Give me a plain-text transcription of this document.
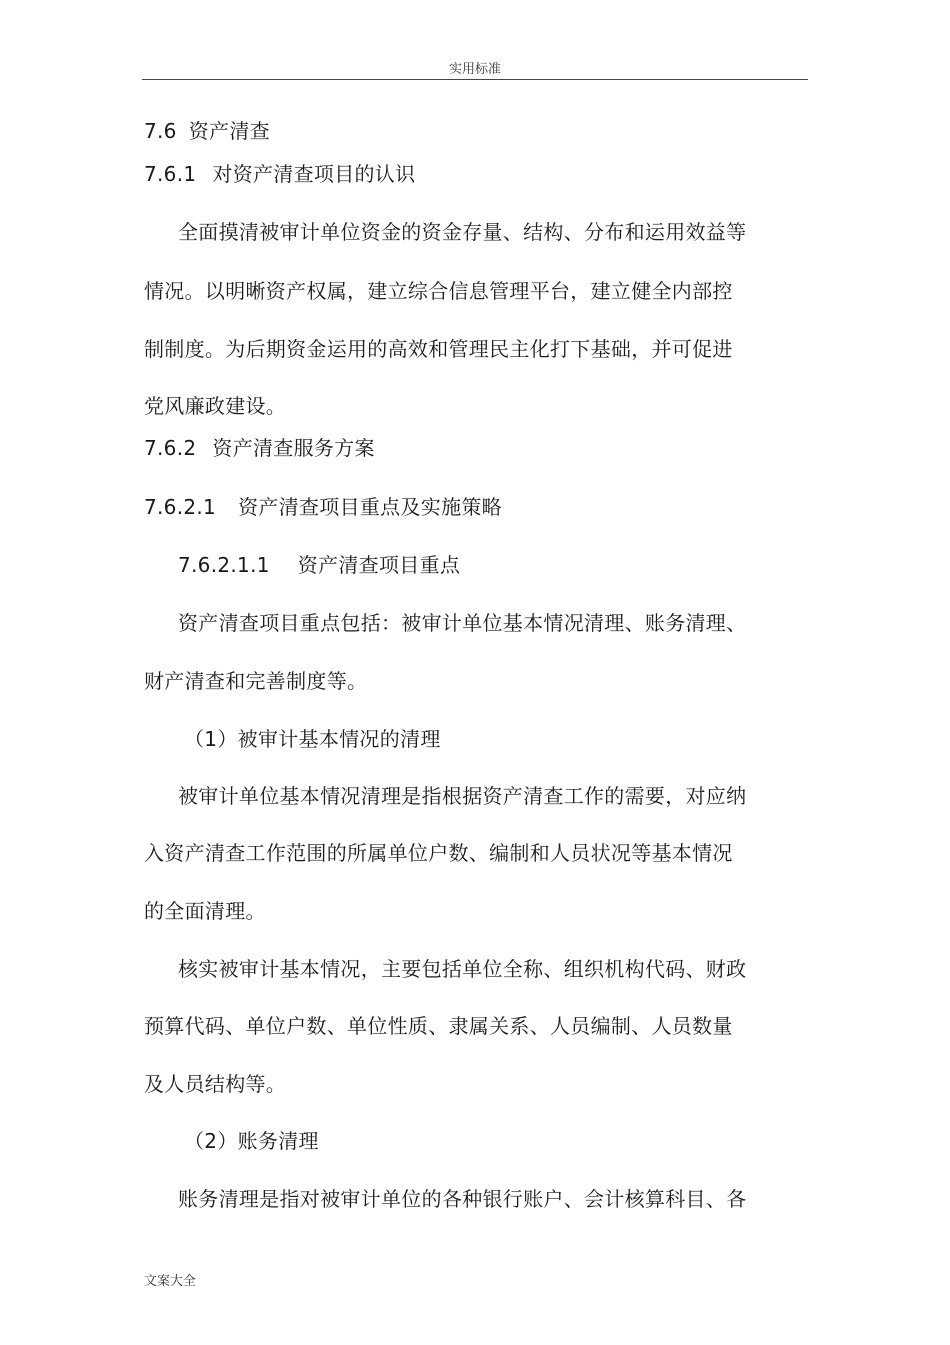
实用标准
7.6 资产清查
7.6.1 对资产清查项目的认识
全面摸清被审计单位资金的资金存量、结构、分布和运用效益等
情况。以明晰资产权属，建立综合信息管理平台，建立健全内部控
制制度。为后期资金运用的高效和管理民主化打下基础，并可促进
党风廉政建设。
7.6.2 资产清查服务方案
7.6.2.1 资产清查项目重点及实施策略
7.6.2.1.1 资产清查项目重点
资产清查项目重点包括：被审计单位基本情况清理、账务清理、
财产清查和完善制度等。
（1）被审计基本情况的清理
被审计单位基本情况清理是指根据资产清查工作的需要，对应纳
入资产清查工作范围的所属单位户数、编制和人员状况等基本情况
的全面清理。
核实被审计基本情况，主要包括单位全称、组织机构代码、财政
预算代码、单位户数、单位性质、隶属关系、人员编制、人员数量
及人员结构等。
（2）账务清理
账务清理是指对被审计单位的各种银行账户、会计核算科目、各
文案大全
